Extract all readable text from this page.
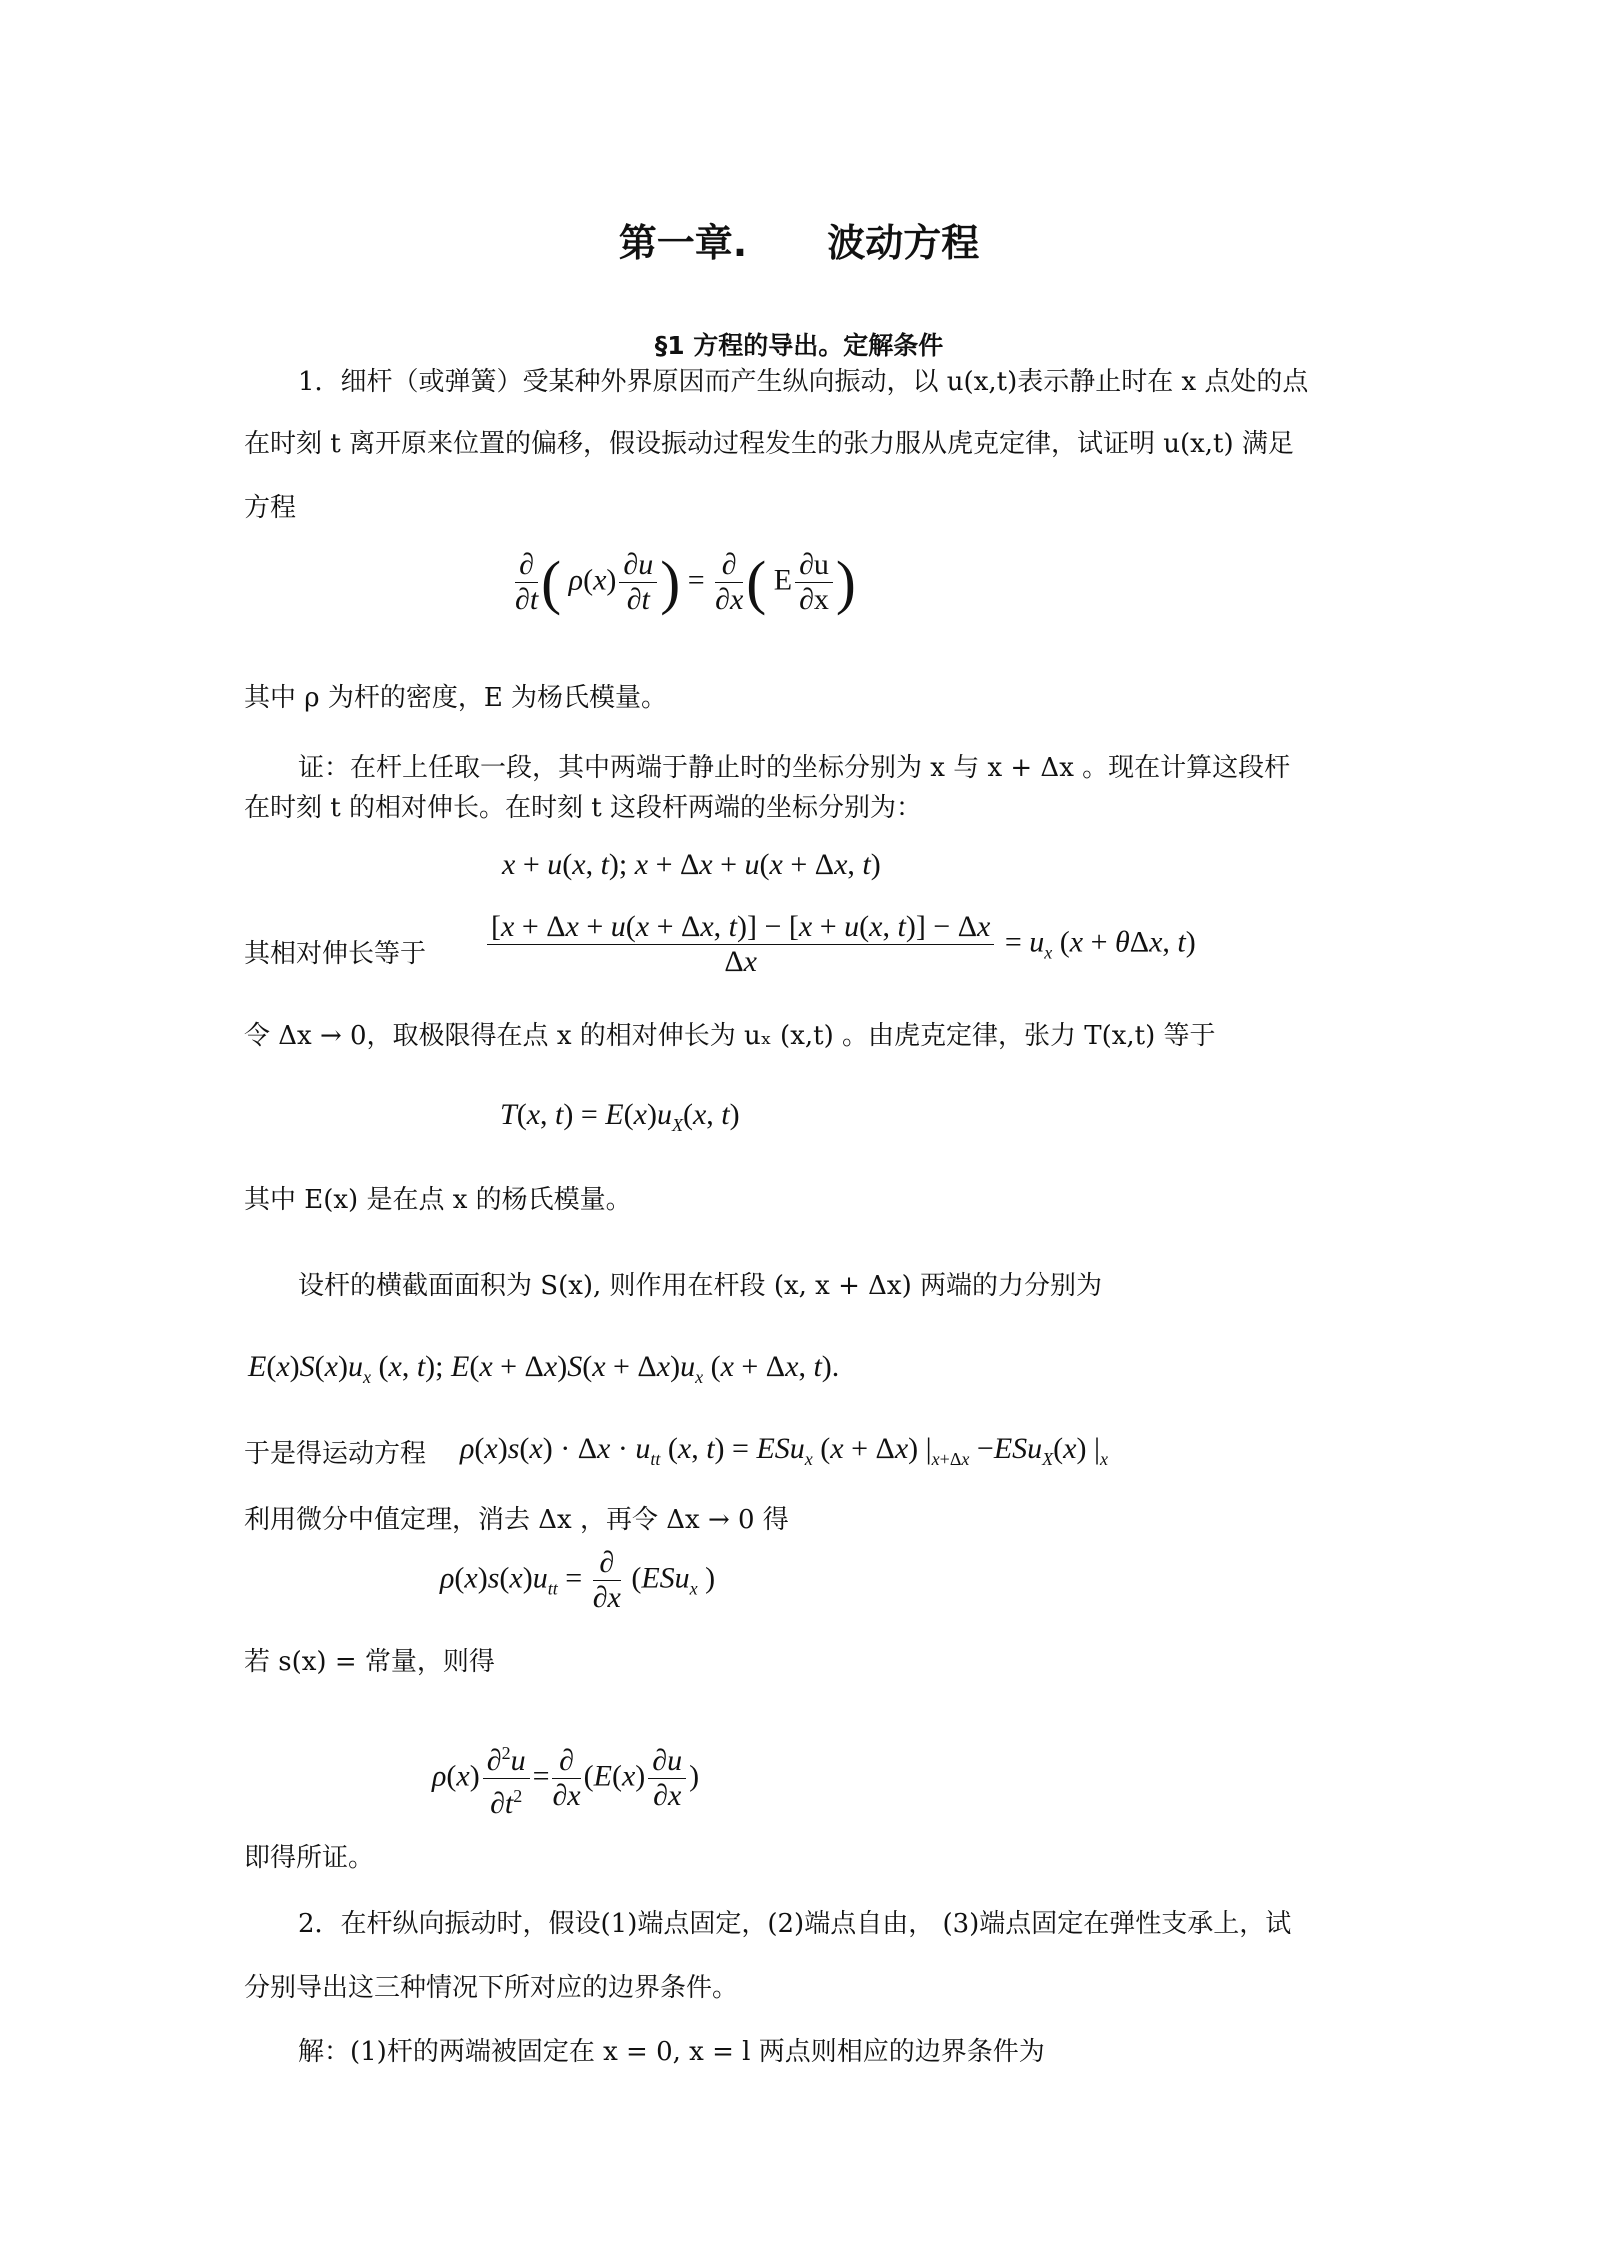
第一章. 波动方程
§1 方程的导出。定解条件
1．细杆（或弹簧）受某种外界原因而产生纵向振动，以 u(x,t)表示静止时在 x 点处的点
在时刻 t 离开原来位置的偏移，假设振动过程发生的张力服从虎克定律，试证明 u(x,t) 满足
方程
$\frac{\partial}{\partial t}$ ( $\rho(x) \frac{\partial u}{\partial t}$ ) = $\frac{\partial}{\partial x}$ ( E $\frac{\partial u}{\partial x}$ )
其中 ρ 为杆的密度，E 为杨氏模量。
证：在杆上任取一段，其中两端于静止时的坐标分别为 x 与 x + Δx 。现在计算这段杆
在时刻 t 的相对伸长。在时刻 t 这段杆两端的坐标分别为：
x + u(x, t); x + Δx + u(x + Δx, t)
其相对伸长等于	$\frac{[x + \Delta x + u(x + \Delta x, t)] - [x + u(x, t)] - \Delta x}{\Delta x} = u_x$ (x + θΔx, t)
令 Δx → 0，取极限得在点 x 的相对伸长为 uₓ (x,t) 。由虎克定律，张力 T(x,t) 等于
T(x, $t) = E(x)u_X(x$, t)
其中 E(x) 是在点 x 的杨氏模量。
设杆的横截面面积为 S(x), 则作用在杆段 (x, x + Δx) 两端的力分别为
$E(x)S(x)u_x$ (x, t); $E(x + \Delta x)S(x + \Delta x)u_x$ (x + Δx, t).
于是得运动方程	$\rho(x)s(x) \cdot \Delta x \cdot u_{tt}$ (x, t) = ESu$_x$ (x + Δx) $|_{x+\Delta x} -ESu_X(x)$ $|_x$
利用微分中值定理，消去 Δx ，再令 Δx → 0 得
$\rho(x)s(x)u_{tt} = \frac{\partial}{\partial x} (ESu_x$ )
若 s(x) = 常量，则得
$\rho(x) \frac{\partial^2u}{\partial t^2} = \frac{\partial}{\partial x} (E(x) \frac{\partial u}{\partial x}$ )
即得所证。
2．在杆纵向振动时，假设(1)端点固定，(2)端点自由， (3)端点固定在弹性支承上，试
分别导出这三种情况下所对应的边界条件。
解：(1)杆的两端被固定在 x = 0, x = l 两点则相应的边界条件为
